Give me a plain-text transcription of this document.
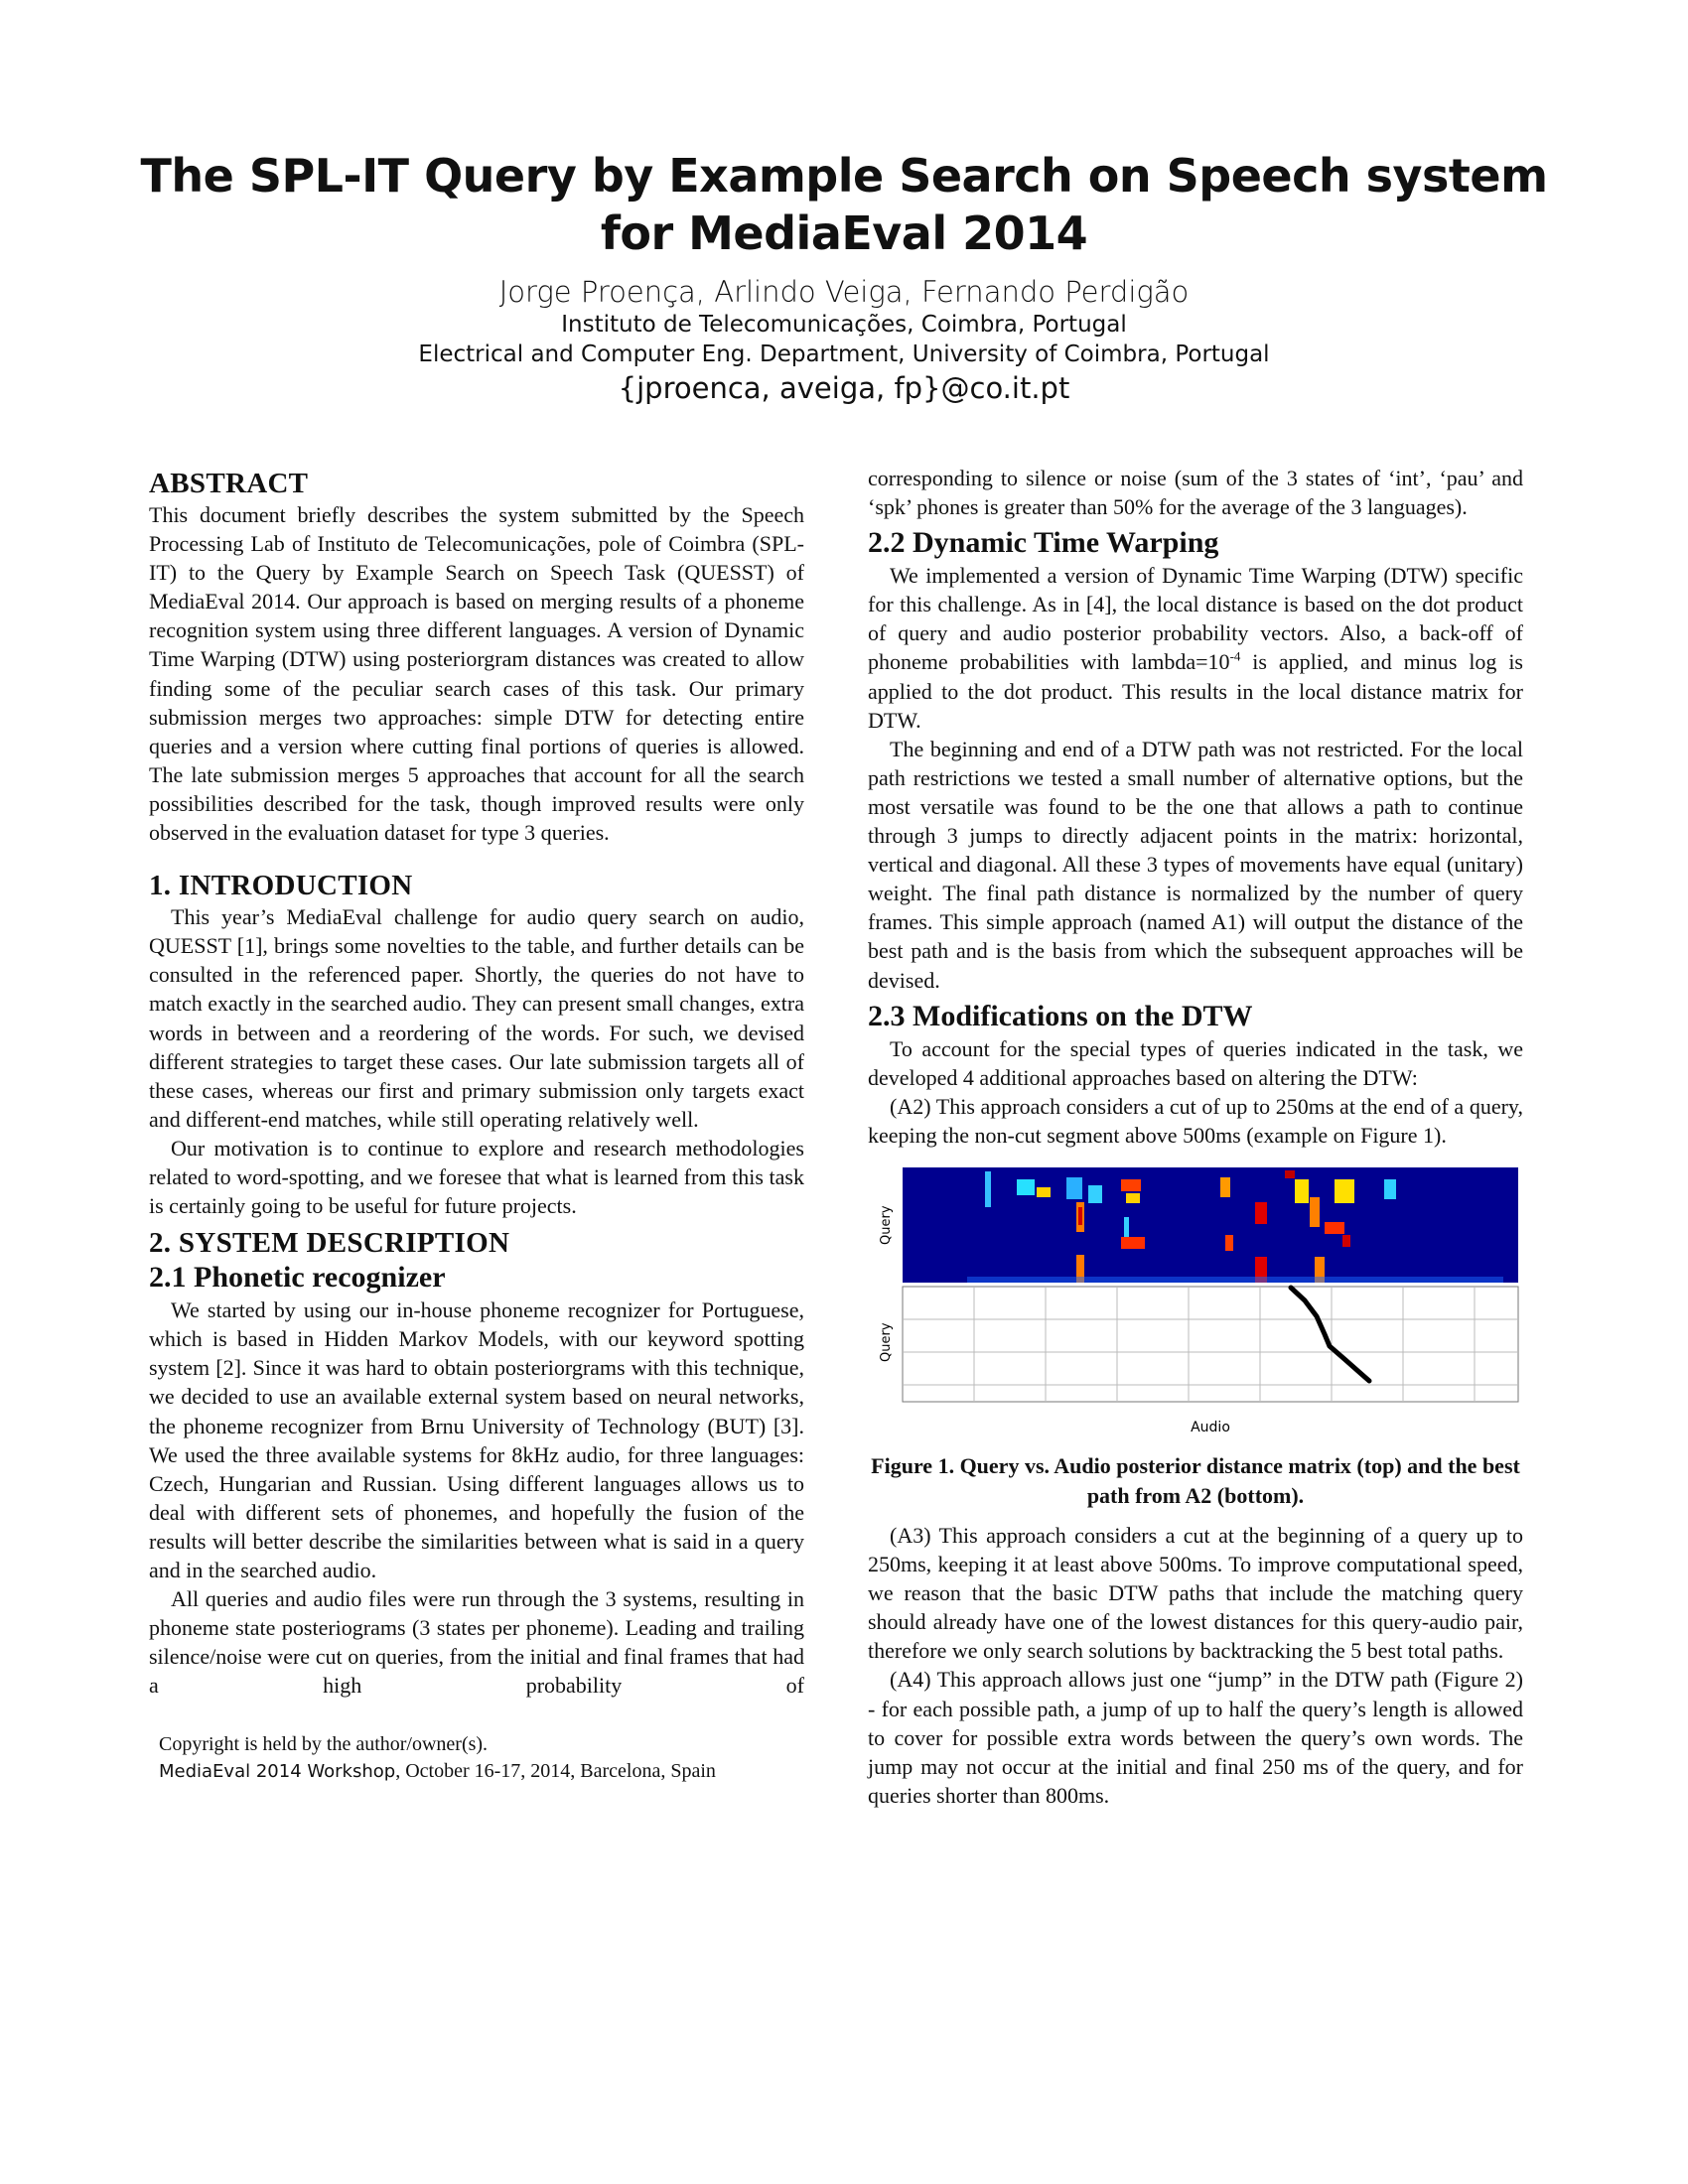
The SPL-IT Query by Example Search on Speech system
for MediaEval 2014
Jorge Proença, Arlindo Veiga, Fernando Perdigão
Instituto de Telecomunicações, Coimbra, Portugal
Electrical and Computer Eng. Department, University of Coimbra, Portugal
{jproenca, aveiga, fp}@co.it.pt
ABSTRACT

This document briefly describes the system submitted by the Speech Processing Lab of Instituto de Telecomunicações, pole of Coimbra (SPL-IT) to the Query by Example Search on Speech Task (QUESST) of MediaEval 2014. Our approach is based on merging results of a phoneme recognition system using three different languages. A version of Dynamic Time Warping (DTW) using posteriorgram distances was created to allow finding some of the peculiar search cases of this task. Our primary submission merges two approaches: simple DTW for detecting entire queries and a version where cutting final portions of queries is allowed. The late submission merges 5 approaches that account for all the search possibilities described for the task, though improved results were only observed in the evaluation dataset for type 3 queries.

1. INTRODUCTION

This year’s MediaEval challenge for audio query search on audio, QUESST [1], brings some novelties to the table, and further details can be consulted in the referenced paper. Shortly, the queries do not have to match exactly in the searched audio. They can present small changes, extra words in between and a reordering of the words. For such, we devised different strategies to target these cases. Our late submission targets all of these cases, whereas our first and primary submission only targets exact and different-end matches, while still operating relatively well.

Our motivation is to continue to explore and research methodologies related to word-spotting, and we foresee that what is learned from this task is certainly going to be useful for future projects.

2. SYSTEM DESCRIPTION
2.1 Phonetic recognizer

We started by using our in-house phoneme recognizer for Portuguese, which is based in Hidden Markov Models, with our keyword spotting system [2]. Since it was hard to obtain posteriorgrams with this technique, we decided to use an available external system based on neural networks, the phoneme recognizer from Brnu University of Technology (BUT) [3]. We used the three available systems for 8kHz audio, for three languages: Czech, Hungarian and Russian. Using different languages allows us to deal with different sets of phonemes, and hopefully the fusion of the results will better describe the similarities between what is said in a query and in the searched audio.

All queries and audio files were run through the 3 systems, resulting in phoneme state posteriograms (3 states per phoneme). Leading and trailing silence/noise were cut on queries, from the initial and final frames that had a high probability of

Copyright is held by the author/owner(s).
MediaEval 2014 Workshop, October 16-17, 2014, Barcelona, Spain

corresponding to silence or noise (sum of the 3 states of ‘int’, ‘pau’ and ‘spk’ phones is greater than 50% for the average of the 3 languages).

2.2 Dynamic Time Warping

We implemented a version of Dynamic Time Warping (DTW) specific for this challenge. As in [4], the local distance is based on the dot product of query and audio posterior probability vectors. Also, a back-off of phoneme probabilities with $lambda=10^{-4}$ is applied, and minus log is applied to the dot product. This results in the local distance matrix for DTW.

The beginning and end of a DTW path was not restricted. For the local path restrictions we tested a small number of alternative options, but the most versatile was found to be the one that allows a path to continue through 3 jumps to directly adjacent points in the matrix: horizontal, vertical and diagonal. All these 3 types of movements have equal (unitary) weight. The final path distance is normalized by the number of query frames. This simple approach (named A1) will output the distance of the best path and is the basis from which the subsequent approaches will be devised.

2.3 Modifications on the DTW

To account for the special types of queries indicated in the task, we developed 4 additional approaches based on altering the DTW:

(A2) This approach considers a cut of up to 250ms at the end of a query, keeping the non-cut segment above 500ms (example on Figure 1).

Query
Query
Audio
Figure 1. Query vs. Audio posterior distance matrix (top) and the best path from A2 (bottom).

(A3) This approach considers a cut at the beginning of a query up to 250ms, keeping it at least above 500ms. To improve computational speed, we reason that the basic DTW paths that include the matching query should already have one of the lowest distances for this query-audio pair, therefore we only search solutions by backtracking the 5 best total paths.

(A4) This approach allows just one “jump” in the DTW path (Figure 2) - for each possible path, a jump of up to half the query’s length is allowed to cover for possible extra words between the query’s own words. The jump may not occur at the initial and final 250 ms of the query, and for queries shorter than 800ms.
